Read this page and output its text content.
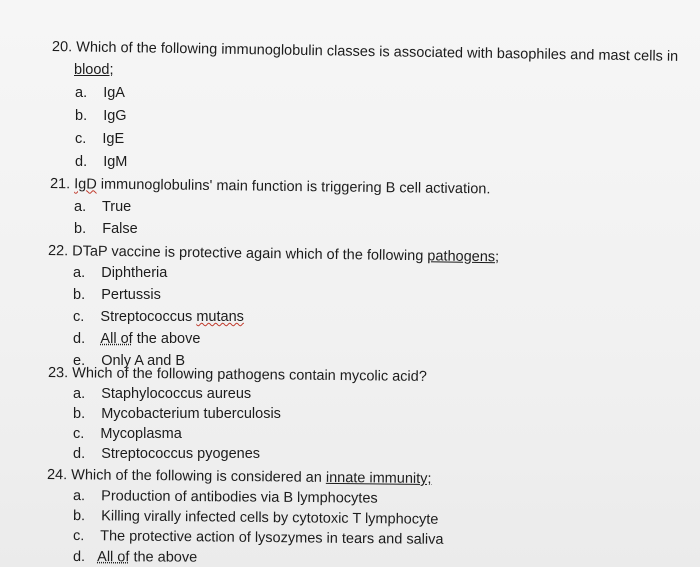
20. Which of the following immunoglobulin classes is associated with basophiles and mast cells in
blood;
a. IgA
b. IgG
c. IgE
d. IgM
21. IgD immunoglobulins' main function is triggering B cell activation.
a. True
b. False
22. DTaP vaccine is protective again which of the following pathogens;
a. Diphtheria
b. Pertussis
c. Streptococcus mutans
d. All of the above
e. Only A and B
23. Which of the following pathogens contain mycolic acid?
a. Staphylococcus aureus
b. Mycobacterium tuberculosis
c. Mycoplasma
d. Streptococcus pyogenes
24. Which of the following is considered an innate immunity;
a. Production of antibodies via B lymphocytes
b. Killing virally infected cells by cytotoxic T lymphocyte
c. The protective action of lysozymes in tears and saliva
d. All of the above
